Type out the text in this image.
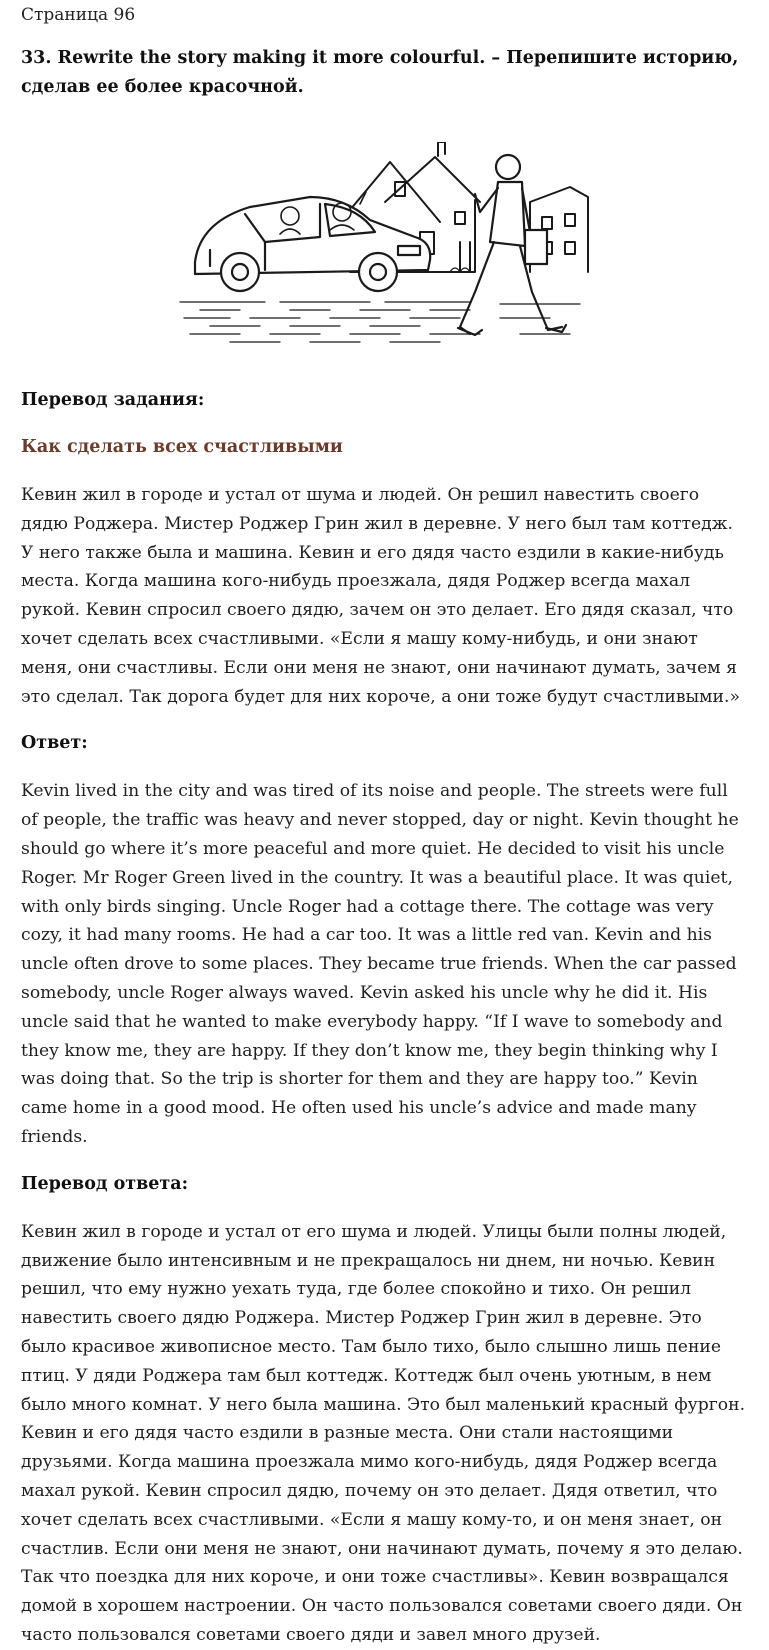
Страница 96

33. Rewrite the story making it more colourful. – Перепишите историю, сделав ее более красочной.

Перевод задания:

Как сделать всех счастливыми

Кевин жил в городе и устал от шума и людей. Он решил навестить своего дядю Роджера. Мистер Роджер Грин жил в деревне. У него был там коттедж. У него также была и машина. Кевин и его дядя часто ездили в какие-нибудь места. Когда машина кого-нибудь проезжала, дядя Роджер всегда махал рукой. Кевин спросил своего дядю, зачем он это делает. Его дядя сказал, что хочет сделать всех счастливыми. «Если я машу кому-нибудь, и они знают меня, они счастливы. Если они меня не знают, они начинают думать, зачем я это сделал. Так дорога будет для них короче, а они тоже будут счастливыми.»

Ответ:

Kevin lived in the city and was tired of its noise and people. The streets were full of people, the traffic was heavy and never stopped, day or night. Kevin thought he should go where it’s more peaceful and more quiet. He decided to visit his uncle Roger. Mr Roger Green lived in the country. It was a beautiful place. It was quiet, with only birds singing. Uncle Roger had a cottage there. The cottage was very cozy, it had many rooms. He had a car too. It was a little red van. Kevin and his uncle often drove to some places. They became true friends. When the car passed somebody, uncle Roger always waved. Kevin asked his uncle why he did it. His uncle said that he wanted to make everybody happy. “If I wave to somebody and they know me, they are happy. If they don’t know me, they begin thinking why I was doing that. So the trip is shorter for them and they are happy too.” Kevin came home in a good mood. He often used his uncle’s advice and made many friends.

Перевод ответа:

Кевин жил в городе и устал от его шума и людей. Улицы были полны людей, движение было интенсивным и не прекращалось ни днем, ни ночью. Кевин решил, что ему нужно уехать туда, где более спокойно и тихо. Он решил навестить своего дядю Роджера. Мистер Роджер Грин жил в деревне. Это было красивое живописное место. Там было тихо, было слышно лишь пение птиц. У дяди Роджера там был коттедж. Коттедж был очень уютным, в нем было много комнат. У него была машина. Это был маленький красный фургон. Кевин и его дядя часто ездили в разные места. Они стали настоящими друзьями. Когда машина проезжала мимо кого-нибудь, дядя Роджер всегда махал рукой. Кевин спросил дядю, почему он это делает. Дядя ответил, что хочет сделать всех счастливыми. «Если я машу кому-то, и он меня знает, он счастлив. Если они меня не знают, они начинают думать, почему я это делаю. Так что поездка для них короче, и они тоже счастливы». Кевин возвращался домой в хорошем настроении. Он часто пользовался советами своего дяди. Он часто пользовался советами своего дяди и завел много друзей.
